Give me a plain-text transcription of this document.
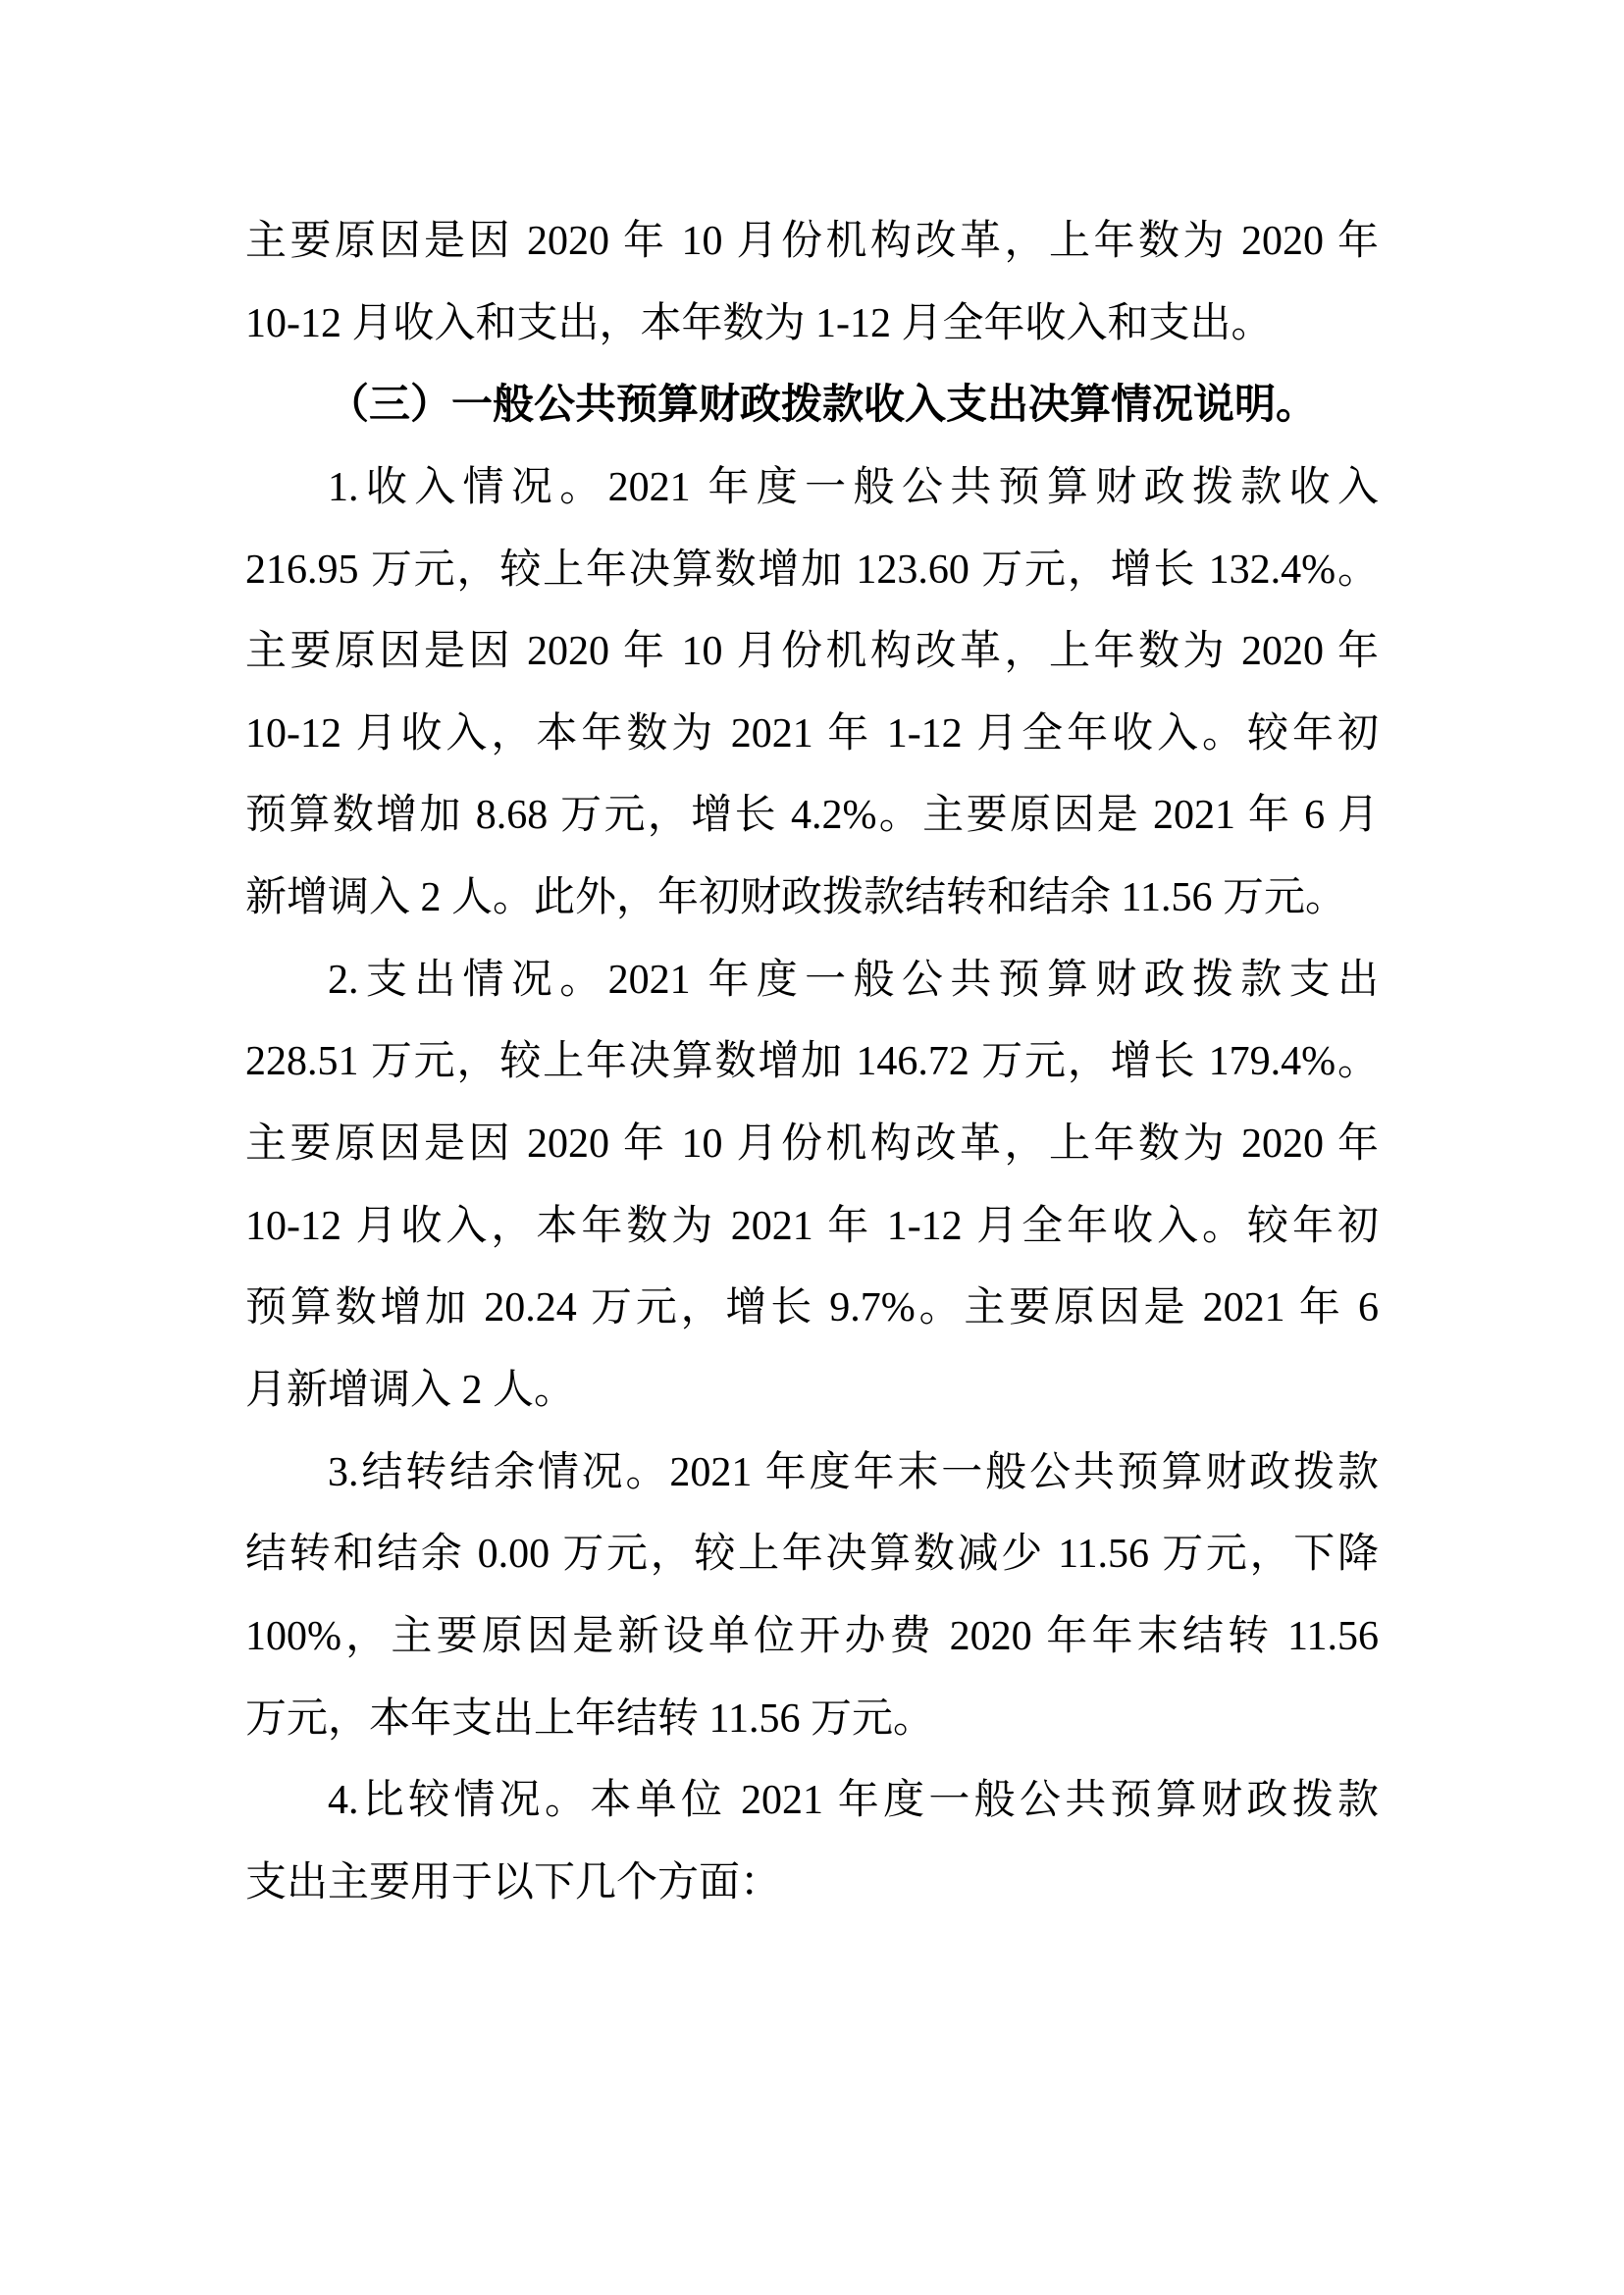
主要原因是因 2020 年 10 月份机构改革，上年数为 2020 年
10-12 月收入和支出，本年数为 1-12 月全年收入和支出。
（三）一般公共预算财政拨款收入支出决算情况说明。
1.收入情况。2021 年度一般公共预算财政拨款收入
216.95 万元，较上年决算数增加 123.60 万元，增长 132.4%。
主要原因是因 2020 年 10 月份机构改革，上年数为 2020 年
10-12 月收入，本年数为 2021 年 1-12 月全年收入。较年初
预算数增加 8.68 万元，增长 4.2%。主要原因是 2021 年 6 月
新增调入 2 人。此外，年初财政拨款结转和结余 11.56 万元。
2.支出情况。2021 年度一般公共预算财政拨款支出
228.51 万元，较上年决算数增加 146.72 万元，增长 179.4%。
主要原因是因 2020 年 10 月份机构改革，上年数为 2020 年
10-12 月收入，本年数为 2021 年 1-12 月全年收入。较年初
预算数增加 20.24 万元，增长 9.7%。主要原因是 2021 年 6
月新增调入 2 人。
3.结转结余情况。2021 年度年末一般公共预算财政拨款
结转和结余 0.00 万元，较上年决算数减少 11.56 万元，下降
100%，主要原因是新设单位开办费 2020 年年末结转 11.56
万元，本年支出上年结转 11.56 万元。
4.比较情况。本单位 2021 年度一般公共预算财政拨款
支出主要用于以下几个方面：
